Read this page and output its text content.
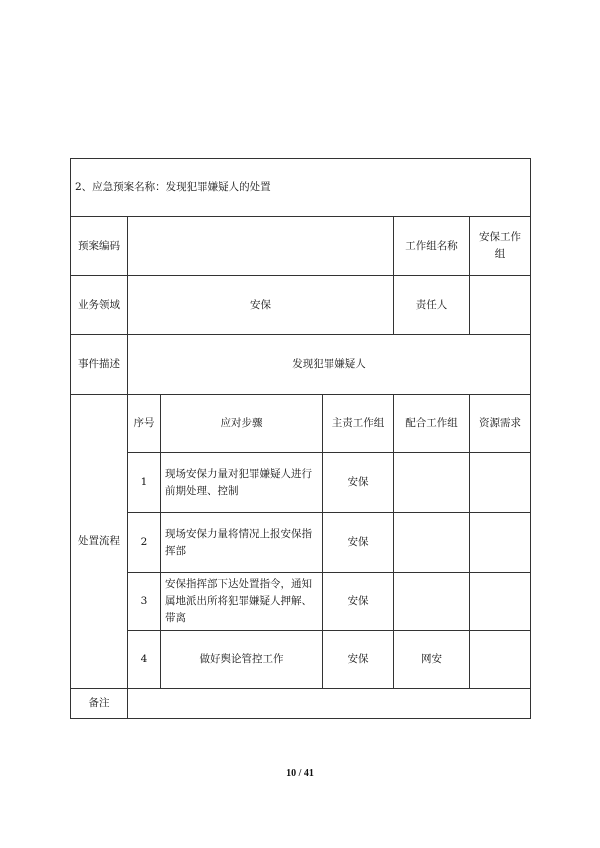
2、应急预案名称：发现犯罪嫌疑人的处置					
预案编码				工作组名称	安保工作组
业务领域	安保			责任人	
事件描述	发现犯罪嫌疑人				
处置流程	序号	应对步骤	主责工作组	配合工作组	资源需求
	1	现场安保力量对犯罪嫌疑人进行前期处理、控制	安保		
	2	现场安保力量将情况上报安保指挥部	安保		
	3	安保指挥部下达处置指令，通知属地派出所将犯罪嫌疑人押解、带离	安保		
	4	做好舆论管控工作	安保	网安	
备注					
10 / 41
